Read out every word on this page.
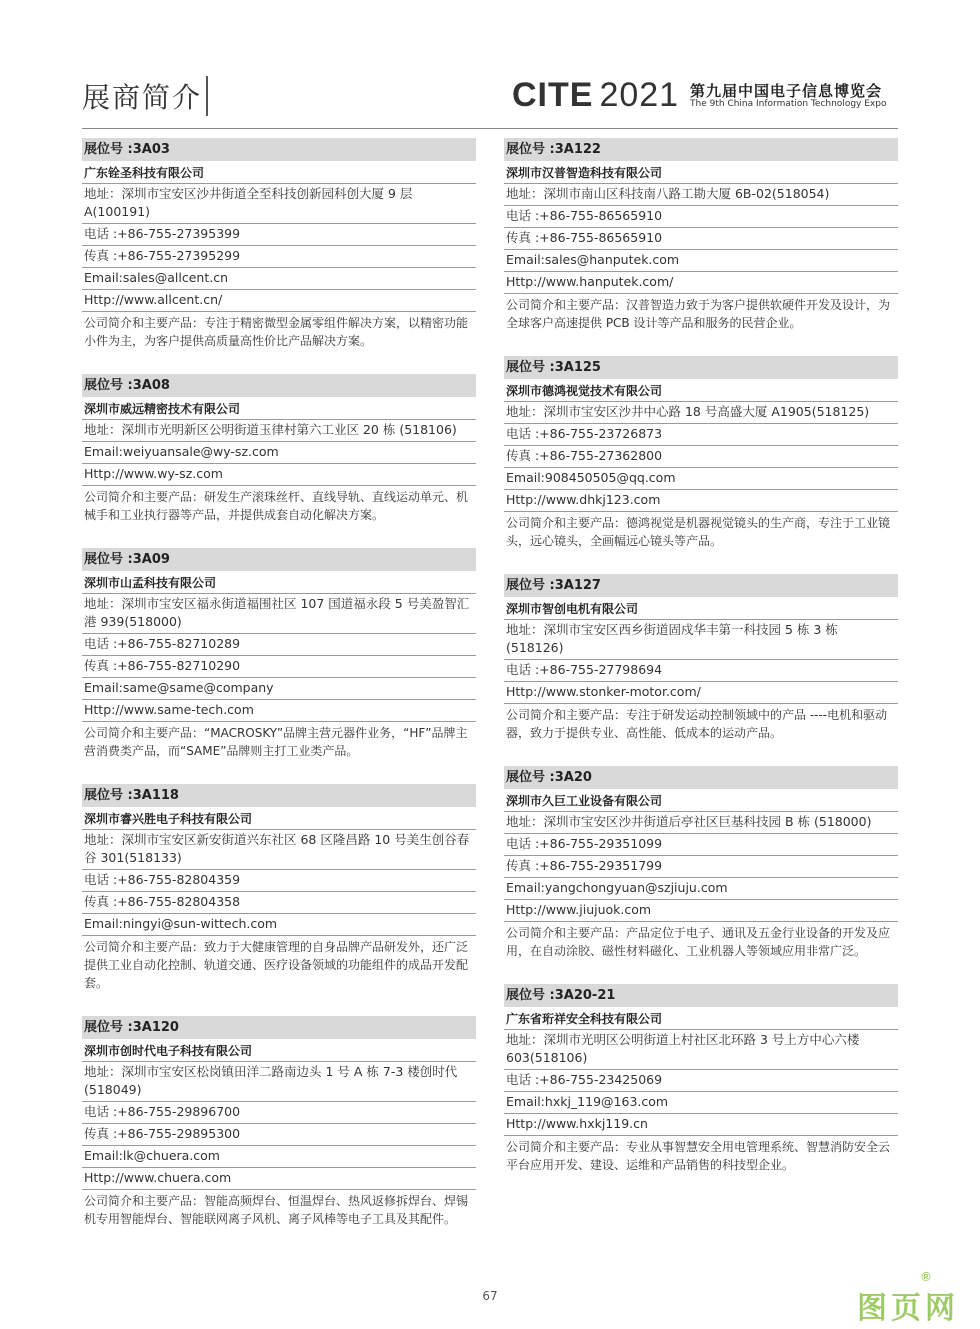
展商简介	CITE 2021 第九届中国电子信息博览会
The 9th China Information Technology Expo
展位号 :3A03
广东铨圣科技有限公司
地址：深圳市宝安区沙井街道全至科技创新园科创大厦 9 层 A(100191)
电话 :+86-755-27395399
传真 :+86-755-27395299
Email:sales@allcent.cn
Http://www.allcent.cn/
公司简介和主要产品：专注于精密微型金属零组件解决方案，以精密功能小件为主，为客户提供高质量高性价比产品解决方案。
展位号 :3A08
深圳市威远精密技术有限公司
地址：深圳市光明新区公明街道玉律村第六工业区 20 栋 (518106)
Email:weiyuansale@wy-sz.com
Http://www.wy-sz.com
公司简介和主要产品：研发生产滚珠丝杆、直线导轨、直线运动单元、机械手和工业执行器等产品，并提供成套自动化解决方案。
展位号 :3A09
深圳市山孟科技有限公司
地址：深圳市宝安区福永街道福围社区 107 国道福永段 5 号美盈智汇港 939(518000)
电话 :+86-755-82710289
传真 :+86-755-82710290
Email:same@same@company
Http://www.same-tech.com
公司简介和主要产品：“MACROSKY”品牌主营元器件业务，“HF”品牌主营消费类产品，而“SAME”品牌则主打工业类产品。
展位号 :3A118
深圳市睿兴胜电子科技有限公司
地址：深圳市宝安区新安街道兴东社区 68 区隆昌路 10 号美生创谷春谷 301(518133)
电话 :+86-755-82804359
传真 :+86-755-82804358
Email:ningyi@sun-wittech.com
公司简介和主要产品：致力于大健康管理的自身品牌产品研发外，还广泛提供工业自动化控制、轨道交通、医疗设备领域的功能组件的成品开发配套。
展位号 :3A120
深圳市创时代电子科技有限公司
地址：深圳市宝安区松岗镇田洋二路南边头 1 号 A 栋 7-3 楼创时代 (518049)
电话 :+86-755-29896700
传真 :+86-755-29895300
Email:lk@chuera.com
Http://www.chuera.com
公司简介和主要产品：智能高频焊台、恒温焊台、热风返修拆焊台、焊锡机专用智能焊台、智能联网离子风机、离子风棒等电子工具及其配件。
展位号 :3A122
深圳市汉普智造科技有限公司
地址：深圳市南山区科技南八路工勘大厦 6B-02(518054)
电话 :+86-755-86565910
传真 :+86-755-86565910
Email:sales@hanputek.com
Http://www.hanputek.com/
公司简介和主要产品：汉普智造力致于为客户提供软硬件开发及设计，为全球客户高速提供 PCB 设计等产品和服务的民营企业。
展位号 :3A125
深圳市德鸿视觉技术有限公司
地址：深圳市宝安区沙井中心路 18 号高盛大厦 A1905(518125)
电话 :+86-755-23726873
传真 :+86-755-27362800
Email:908450505@qq.com
Http://www.dhkj123.com
公司简介和主要产品：德鸿视觉是机器视觉镜头的生产商，专注于工业镜头，远心镜头，全画幅远心镜头等产品。
展位号 :3A127
深圳市智创电机有限公司
地址：深圳市宝安区西乡街道固戍华丰第一科技园 5 栋 3 栋 (518126)
电话 :+86-755-27798694
Http://www.stonker-motor.com/
公司简介和主要产品：专注于研发运动控制领域中的产品 ----电机和驱动器，致力于提供专业、高性能、低成本的运动产品。
展位号 :3A20
深圳市久巨工业设备有限公司
地址：深圳市宝安区沙井街道后亭社区巨基科技园 B 栋 (518000)
电话 :+86-755-29351099
传真 :+86-755-29351799
Email:yangchongyuan@szjiuju.com
Http://www.jiujuok.com
公司简介和主要产品：产品定位于电子、通讯及五金行业设备的开发及应用，在自动涂胶、磁性材料磁化、工业机器人等领域应用非常广泛。
展位号 :3A20-21
广东省珩祥安全科技有限公司
地址：深圳市光明区公明街道上村社区北环路 3 号上方中心六楼 603(518106)
电话 :+86-755-23425069
Email:hxkj_119@163.com
Http://www.hxkj119.cn
公司简介和主要产品：专业从事智慧安全用电管理系统、智慧消防安全云平台应用开发、建设、运维和产品销售的科技型企业。
67	图页网
®
